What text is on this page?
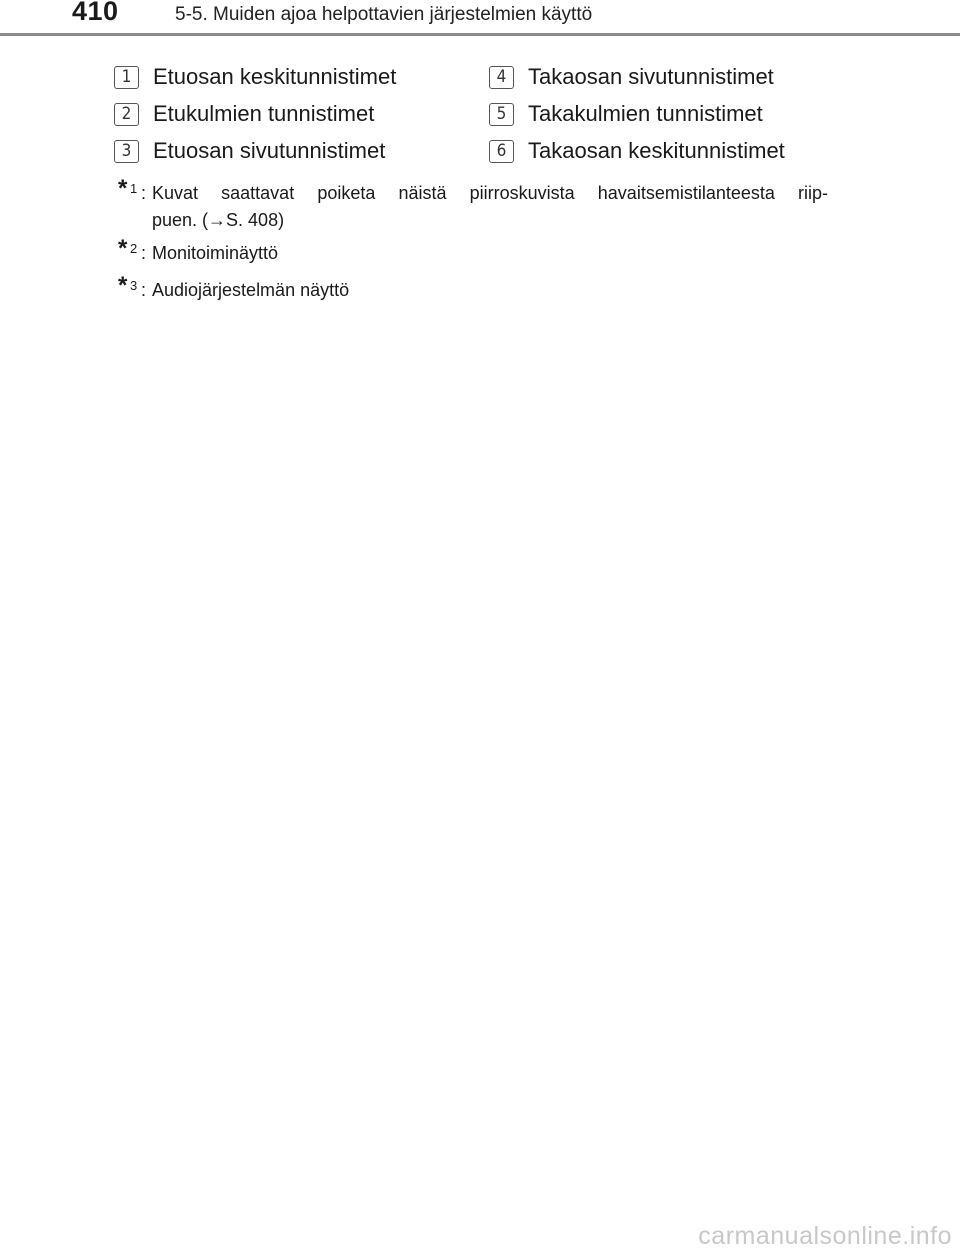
410	5-5. Muiden ajoa helpottavien järjestelmien käyttö
1 Etuosan keskitunnistimet
2 Etukulmien tunnistimet
3 Etuosan sivutunnistimet
4 Takaosan sivutunnistimet
5 Takakulmien tunnistimet
6 Takaosan keskitunnistimet
* 1 : Kuvat saattavat poiketa näistä piirroskuvista havaitsemistilanteesta riip-
puen. (→S. 408)
* 2 : Monitoiminäyttö
* 3 : Audiojärjestelmän näyttö
carmanualsonline.info
